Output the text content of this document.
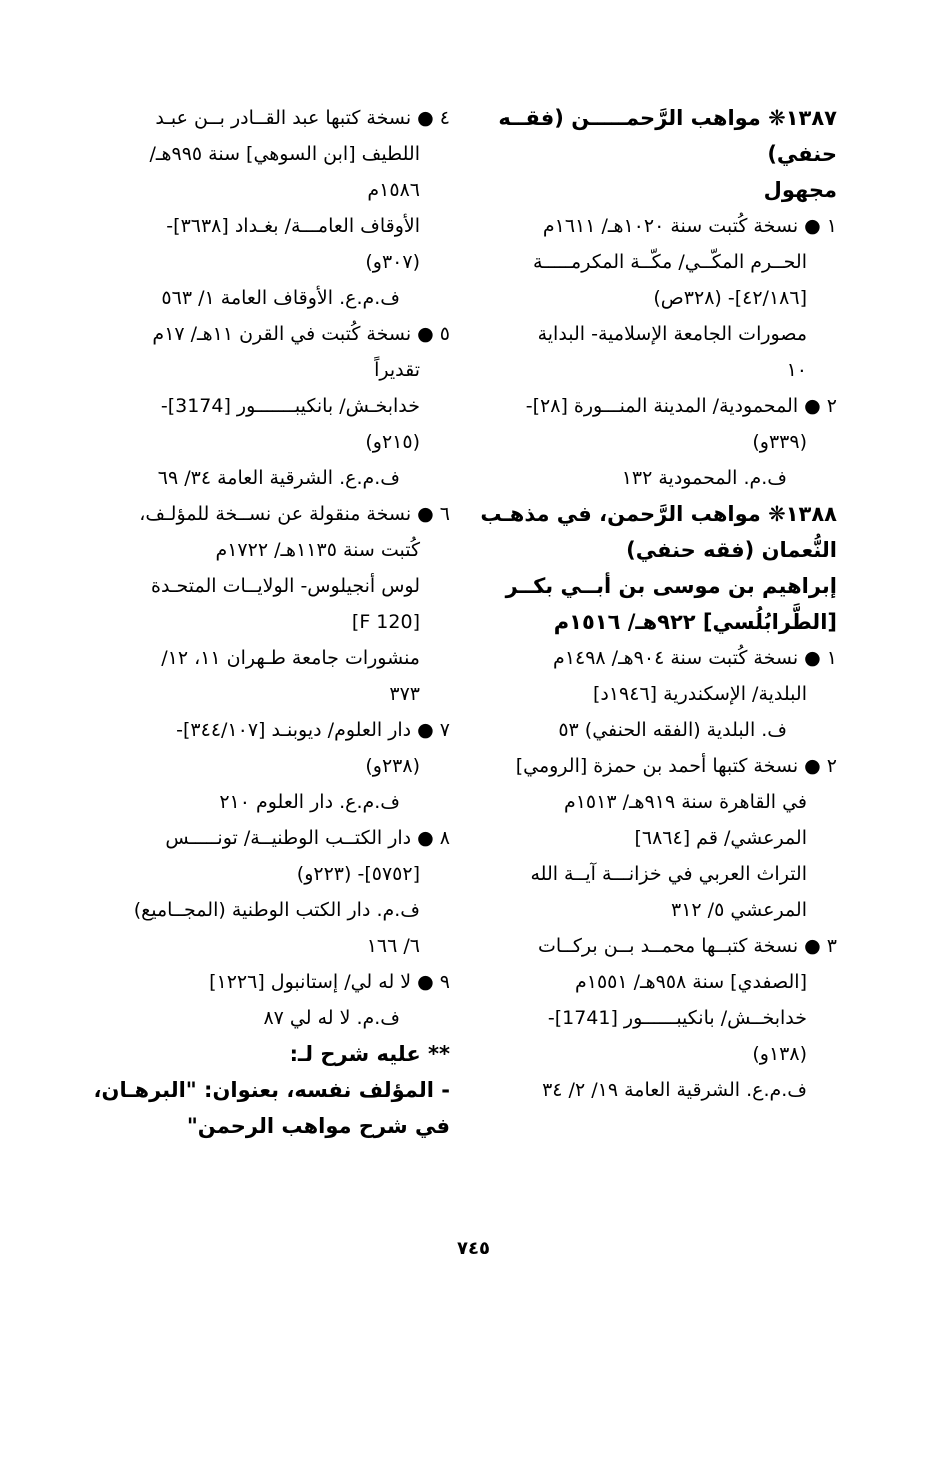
١٣٨٧❋ مواهب الرَّحمـــــن (فقــه
حنفي)
مجهول
١ ● نسخة كُتبت سنة ١٠٢٠هـ/ ١٦١١م
الحــرم المكّــي/ مكّــة المكرمـــــة
[٤٢/١٨٦]- (٣٢٨ص)
مصورات الجامعة الإسلامية- البداية
١٠
٢ ● المحمودية/ المدينة المنـــورة [٢٨]-
(٣٣٩و)
ف.م. المحمودية ١٣٢
١٣٨٨❋ مواهب الرَّحمن، في مذهـب
النُّعمان (فقه حنفي)
إبراهيم بن موسى بن أبــي بكــر
[الطَّرابُلُسي] ٩٢٢هـ/ ١٥١٦م
١ ● نسخة كُتبت سنة ٩٠٤هـ/ ١٤٩٨م
البلدية/ الإسكندرية [١٩٤٦د]
ف. البلدية (الفقه الحنفي) ٥٣
٢ ● نسخة كتبها أحمد بن حمزة [الرومي]
في القاهرة سنة ٩١٩هـ/ ١٥١٣م
المرعشي/ قم [٦٨٦٤]
التراث العربي في خزانـــة آيــة الله
المرعشي ٥/ ٣١٢
٣ ● نسخة كتبــها محمــد بــن بركــات
[الصفدي] سنة ٩٥٨هـ/ ١٥٥١م
خدابخــش/ بانكيبــــــور [1741]-
(١٣٨و)
ف.م.ع. الشرقية العامة ١٩/ ٢/ ٣٤
٤ ● نسخة كتبها عبد القــادر بــن عبـد
اللطيف [ابن السوهي] سنة ٩٩٥هـ/
١٥٨٦م
الأوقاف العامـــة/ بغـداد [٣٦٣٨]-
(٣٠٧و)
ف.م.ع. الأوقاف العامة ١/ ٥٦٣
٥ ● نسخة كُتبت في القرن ١١هـ/ ١٧م
تقديراً
خدابخـش/ بانكيبـــــــور [3174]-
(٢١٥و)
ف.م.ع. الشرقية العامة ٣٤/ ٦٩
٦ ● نسخة منقولة عن نســخة للمؤلـف،
كُتبت سنة ١١٣٥هـ/ ١٧٢٢م
لوس أنجيلوس- الولايــات المتحـدة
[F 120]
منشورات جامعة طـهران ١١، ١٢/
٣٧٣
٧ ● دار العلوم/ ديوبنـد [٣٤٤/١٠٧]-
(٢٣٨و)
ف.م.ع. دار العلوم ٢١٠
٨ ● دار الكتــب الوطنيــة/ تونـــــس
[٥٧٥٢]- (٢٢٣و)
ف.م. دار الكتب الوطنية (المجــاميع)
٦/ ١٦٦
٩ ● لا له لي/ إستانبول [١٢٢٦]
ف.م. لا له لي ٨٧
** عليه شرح لـ:
- المؤلف نفسه، بعنوان: "البرهـان،
في شرح مواهب الرحمن"
٧٤٥
